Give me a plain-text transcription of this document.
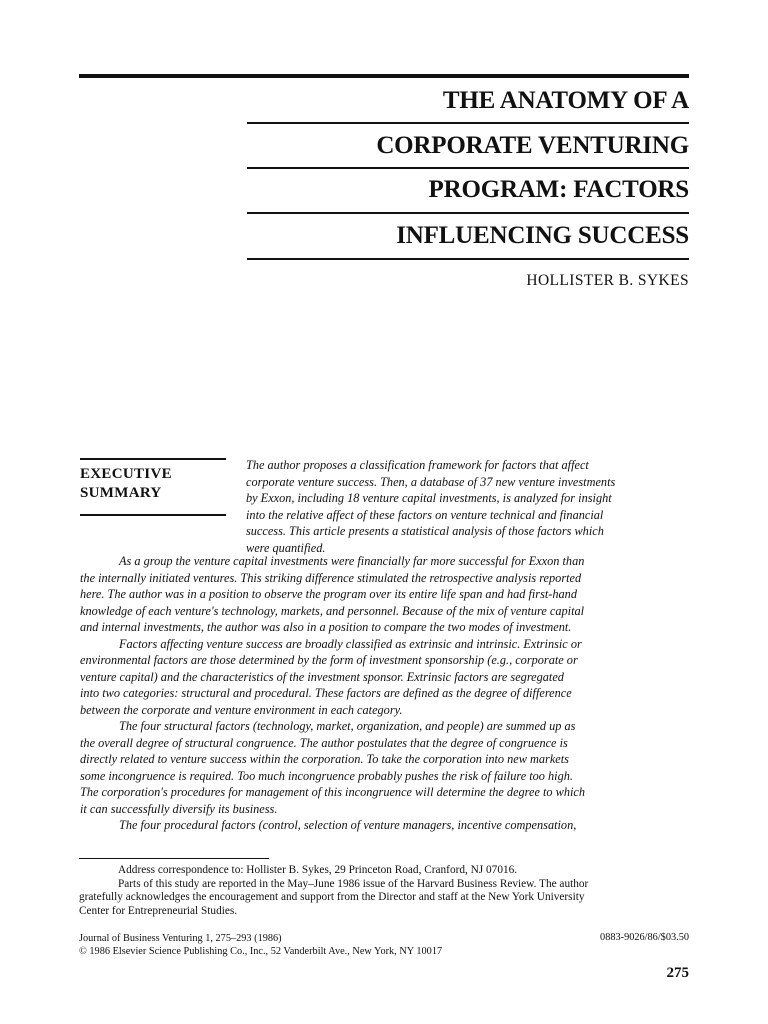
THE ANATOMY OF A
CORPORATE VENTURING
PROGRAM: FACTORS
INFLUENCING SUCCESS
HOLLISTER B. SYKES
EXECUTIVE
SUMMARY
The author proposes a classification framework for factors that affect
corporate venture success. Then, a database of 37 new venture investments
by Exxon, including 18 venture capital investments, is analyzed for insight
into the relative affect of these factors on venture technical and financial
success. This article presents a statistical analysis of those factors which
were quantified.
As a group the venture capital investments were financially far more successful for Exxon than
the internally initiated ventures. This striking difference stimulated the retrospective analysis reported
here. The author was in a position to observe the program over its entire life span and had first-hand
knowledge of each venture's technology, markets, and personnel. Because of the mix of venture capital
and internal investments, the author was also in a position to compare the two modes of investment.
Factors affecting venture success are broadly classified as extrinsic and intrinsic. Extrinsic or
environmental factors are those determined by the form of investment sponsorship (e.g., corporate or
venture capital) and the characteristics of the investment sponsor. Extrinsic factors are segregated
into two categories: structural and procedural. These factors are defined as the degree of difference
between the corporate and venture environment in each category.
The four structural factors (technology, market, organization, and people) are summed up as
the overall degree of structural congruence. The author postulates that the degree of congruence is
directly related to venture success within the corporation. To take the corporation into new markets
some incongruence is required. Too much incongruence probably pushes the risk of failure too high.
The corporation's procedures for management of this incongruence will determine the degree to which
it can successfully diversify its business.
The four procedural factors (control, selection of venture managers, incentive compensation,
Address correspondence to: Hollister B. Sykes, 29 Princeton Road, Cranford, NJ 07016.
Parts of this study are reported in the May–June 1986 issue of the Harvard Business Review. The author
gratefully acknowledges the encouragement and support from the Director and staff at the New York University
Center for Entrepreneurial Studies.
Journal of Business Venturing 1, 275–293 (1986)
© 1986 Elsevier Science Publishing Co., Inc., 52 Vanderbilt Ave., New York, NY 10017
0883-9026/86/$03.50
275
